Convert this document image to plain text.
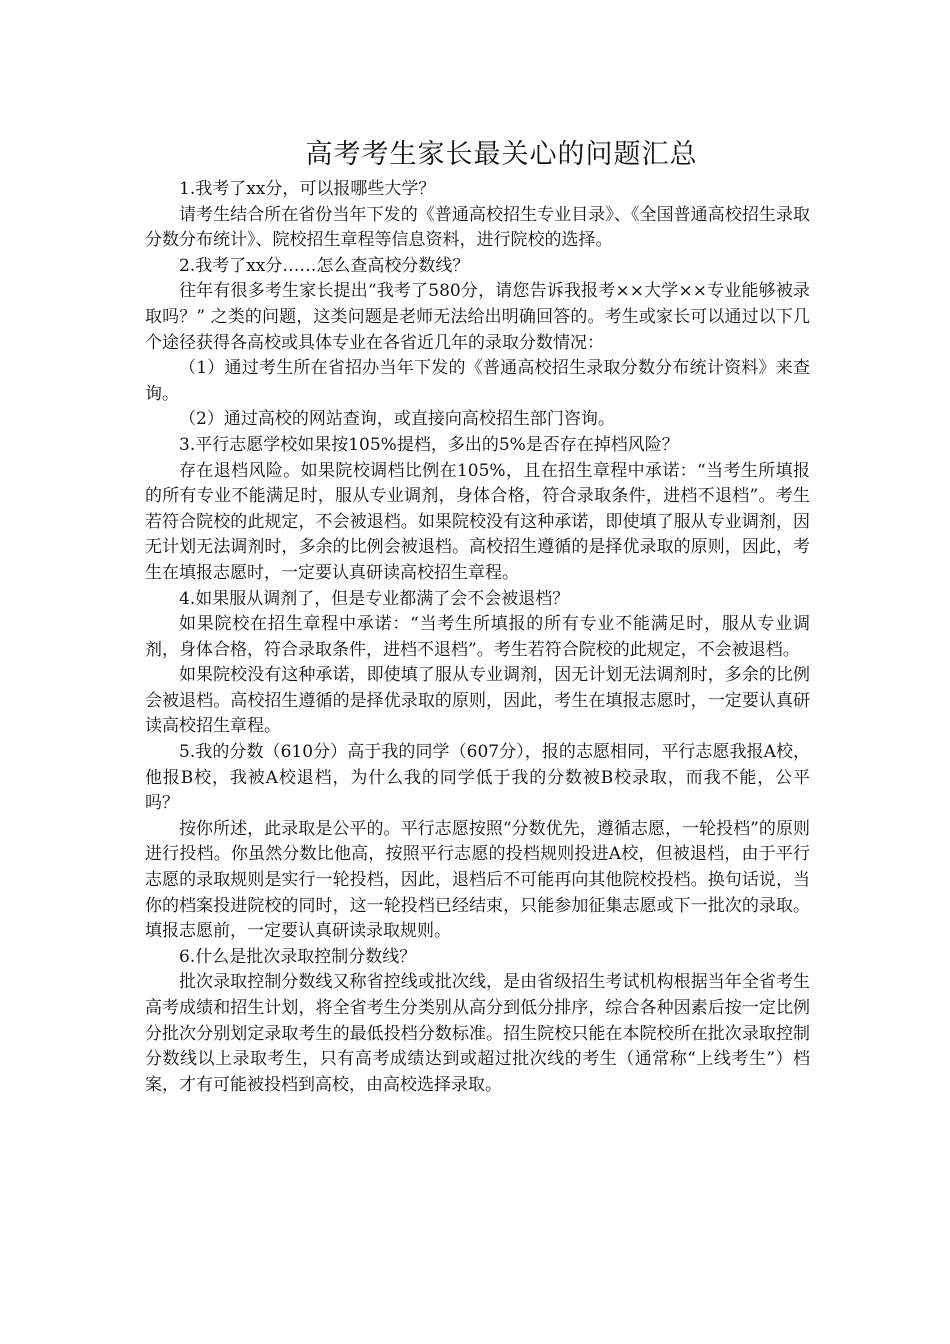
高考考生家长最关心的问题汇总

1.我考了xx分，可以报哪些大学？

请考生结合所在省份当年下发的《普通高校招生专业目录》、《全国普通高校招生录取分数分布统计》、院校招生章程等信息资料，进行院校的选择。

2.我考了xx分……怎么查高校分数线？

往年有很多考生家长提出“我考了580分，请您告诉我报考××大学××专业能够被录取吗？” 之类的问题，这类问题是老师无法给出明确回答的。考生或家长可以通过以下几个途径获得各高校或具体专业在各省近几年的录取分数情况：

（1）通过考生所在省招办当年下发的《普通高校招生录取分数分布统计资料》来查询。

（2）通过高校的网站查询，或直接向高校招生部门咨询。

3.平行志愿学校如果按105%提档，多出的5%是否存在掉档风险？

存在退档风险。如果院校调档比例在105%，且在招生章程中承诺：“当考生所填报的所有专业不能满足时，服从专业调剂，身体合格，符合录取条件，进档不退档”。考生若符合院校的此规定，不会被退档。如果院校没有这种承诺，即使填了服从专业调剂，因无计划无法调剂时，多余的比例会被退档。高校招生遵循的是择优录取的原则，因此，考生在填报志愿时，一定要认真研读高校招生章程。

4.如果服从调剂了，但是专业都满了会不会被退档？

如果院校在招生章程中承诺：“当考生所填报的所有专业不能满足时，服从专业调剂，身体合格，符合录取条件，进档不退档”。考生若符合院校的此规定，不会被退档。

如果院校没有这种承诺，即使填了服从专业调剂，因无计划无法调剂时，多余的比例会被退档。高校招生遵循的是择优录取的原则，因此，考生在填报志愿时，一定要认真研读高校招生章程。

5.我的分数（610分）高于我的同学（607分），报的志愿相同，平行志愿我报A校，他报B校，我被A校退档，为什么我的同学低于我的分数被B校录取，而我不能，公平吗？

按你所述，此录取是公平的。平行志愿按照“分数优先，遵循志愿，一轮投档”的原则进行投档。你虽然分数比他高，按照平行志愿的投档规则投进A校，但被退档，由于平行志愿的录取规则是实行一轮投档，因此，退档后不可能再向其他院校投档。换句话说，当你的档案投进院校的同时，这一轮投档已经结束，只能参加征集志愿或下一批次的录取。填报志愿前，一定要认真研读录取规则。

6.什么是批次录取控制分数线？

批次录取控制分数线又称省控线或批次线，是由省级招生考试机构根据当年全省考生高考成绩和招生计划，将全省考生分类别从高分到低分排序，综合各种因素后按一定比例分批次分别划定录取考生的最低投档分数标准。招生院校只能在本院校所在批次录取控制分数线以上录取考生，只有高考成绩达到或超过批次线的考生（通常称“上线考生”）档案，才有可能被投档到高校，由高校选择录取。
